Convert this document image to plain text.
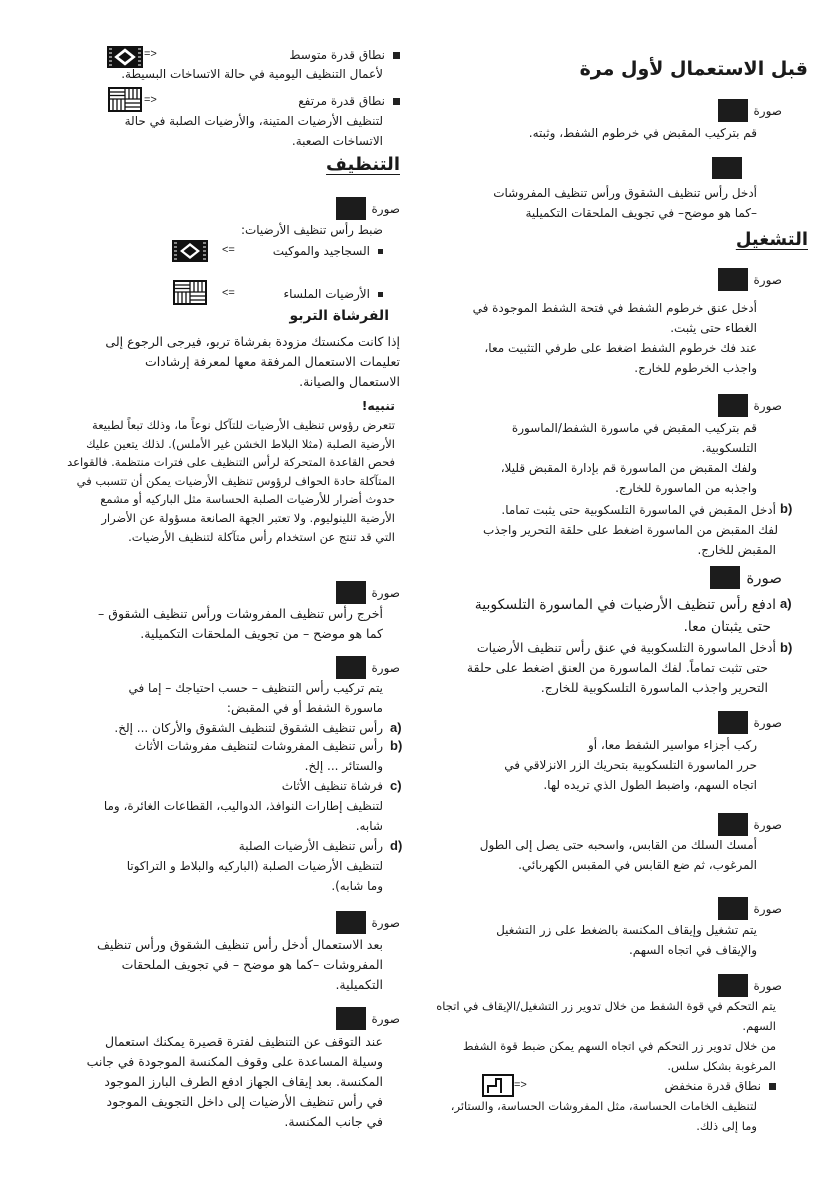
قبل الاستعمال لأول مرة
صورة
قم بتركيب المقبض في خرطوم الشفط، وثبته.
أدخل رأس تنظيف الشقوق ورأس تنظيف المفروشات
–كما هو موضح– في تجويف الملحقات التكميلية
التشغيل
صورة
أدخل عنق خرطوم الشفط في فتحة الشفط الموجودة في
الغطاء حتى يثبت.
عند فك خرطوم الشفط اضغط على طرفي التثبيت معا،
واجذب الخرطوم للخارج.
صورة
قم بتركيب المقبض في ماسورة الشفط/الماسورة
التلسكوبية.
ولفك المقبض من الماسورة قم بإدارة المقبض قليلا،
واجذبه من الماسورة للخارج.
b)
أدخل المقبض في الماسورة التلسكوبية حتى يثبت تماما.
لفك المقبض من الماسورة اضغط على حلقة التحرير واجذب
المقبض للخارج.
صورة
a)
ادفع رأس تنظيف الأرضيات في الماسورة التلسكوبية
حتى يثبتان معا.
b)
أدخل الماسورة التلسكوبية في عنق رأس تنظيف الأرضيات
حتى تثبت تماماً. لفك الماسورة من العنق اضغط على حلقة
التحرير واجذب الماسورة التلسكوبية للخارج.
صورة
ركب أجزاء مواسير الشفط معا، أو
حرر الماسورة التلسكوبية بتحريك الزر الانزلاقي في
اتجاه السهم، واضبط الطول الذي تريده لها.
صورة
أمسك السلك من القابس، واسحبه حتى يصل إلى الطول
المرغوب، ثم ضع القابس في المقبس الكهربائي.
صورة
يتم تشغيل وإيقاف المكنسة بالضغط على زر التشغيل
والإيقاف في اتجاه السهم.
صورة
يتم التحكم في قوة الشفط من خلال تدوير زر التشغيل/الإيقاف في اتجاه
السهم.
من خلال تدوير زر التحكم في اتجاه السهم يمكن ضبط قوة الشفط
المرغوبة بشكل سلس.
نطاق قدرة منخفض
=>
لتنظيف الخامات الحساسة، مثل المفروشات الحساسة، والستائر،
وما إلى ذلك.
نطاق قدرة متوسط
=>
لأعمال التنظيف اليومية في حالة الاتساخات البسيطة.
نطاق قدرة مرتفع
=>
لتنظيف الأرضيات المتينة، والأرضيات الصلبة في حالة
الاتساخات الصعبة.
التنظيف
صورة
ضبط رأس تنظيف الأرضيات:
السجاجيد والموكيت
<=
الأرضيات الملساء
<=
الفرشاة التربو
إذا كانت مكنستك مزودة بفرشاة تربو، فيرجى الرجوع إلى
تعليمات الاستعمال المرفقة معها لمعرفة إرشادات
الاستعمال والصيانة.
تنبيه!
تتعرض رؤوس تنظيف الأرضيات للتآكل نوعاً ما، وذلك تبعاً لطبيعة
الأرضية الصلبة (مثلا البلاط الخشن غير الأملس). لذلك يتعين عليك
فحص القاعدة المتحركة لرأس التنظيف على فترات منتظمة. فالقواعد
المتآكلة حادة الحواف لرؤوس تنظيف الأرضيات يمكن أن تتسبب في
حدوث أضرار للأرضيات الصلبة الحساسة مثل الباركيه أو مشمع
الأرضية اللينوليوم. ولا تعتبر الجهة الصانعة مسؤولة عن الأضرار
التي قد تنتج عن استخدام رأس متآكلة لتنظيف الأرضيات.
صورة
أخرج رأس تنظيف المفروشات ورأس تنظيف الشقوق –
كما هو موضح – من تجويف الملحقات التكميلية.
صورة
يتم تركيب رأس التنظيف – حسب احتياجك – إما في
ماسورة الشفط أو في المقبض:
a)
رأس تنظيف الشقوق لتنظيف الشقوق والأركان ... إلخ.
b)
رأس تنظيف المفروشات لتنظيف مفروشات الأثاث
والستائر ... إلخ.
c)
فرشاة تنظيف الأثاث
لتنظيف إطارات النوافذ، الدواليب، القطاعات الغائرة، وما
شابه.
d)
رأس تنظيف الأرضيات الصلبة
لتنظيف الأرضيات الصلبة (الباركيه والبلاط و التراكوتا
وما شابه).
صورة
بعد الاستعمال أدخل رأس تنظيف الشقوق ورأس تنظيف
المفروشات –كما هو موضح – في تجويف الملحقات
التكميلية.
صورة
عند التوقف عن التنظيف لفترة قصيرة يمكنك استعمال
وسيلة المساعدة على وقوف المكنسة الموجودة في جانب
المكنسة. بعد إيقاف الجهاز ادفع الطرف البارز الموجود
في رأس تنظيف الأرضيات إلى داخل التجويف الموجود
في جانب المكنسة.
